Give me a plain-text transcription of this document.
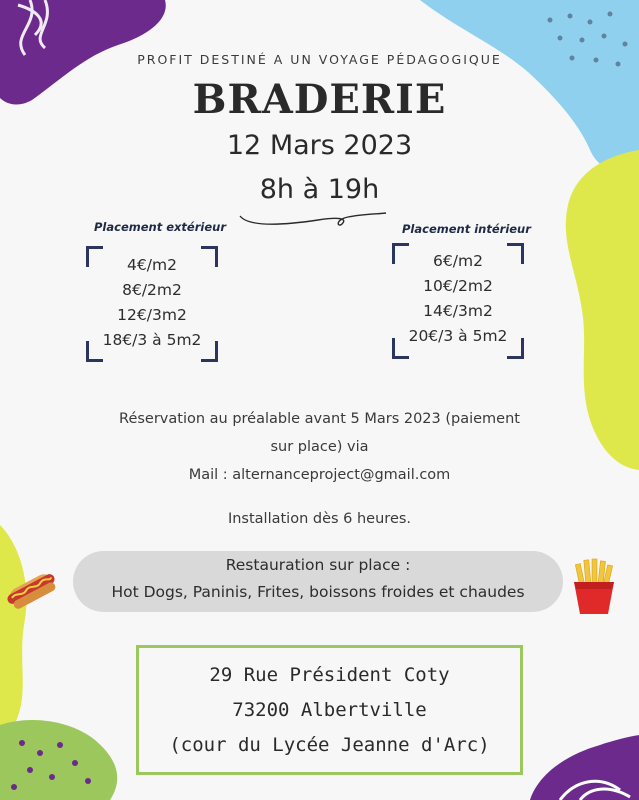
PROFIT DESTINÉ A UN VOYAGE PÉDAGOGIQUE
BRADERIE
12 Mars 2023
8h à 19h
Placement extérieur
4€/m2
8€/2m2
12€/3m2
18€/3 à 5m2
Placement intérieur
6€/m2
10€/2m2
14€/3m2
20€/3 à 5m2
Réservation au préalable avant 5 Mars 2023 (paiement
sur place) via
Mail : alternanceproject@gmail.com
Installation dès 6 heures.
Restauration sur place :
Hot Dogs, Paninis, Frites, boissons froides et chaudes
29 Rue Président Coty
73200 Albertville
(cour du Lycée Jeanne d'Arc)
